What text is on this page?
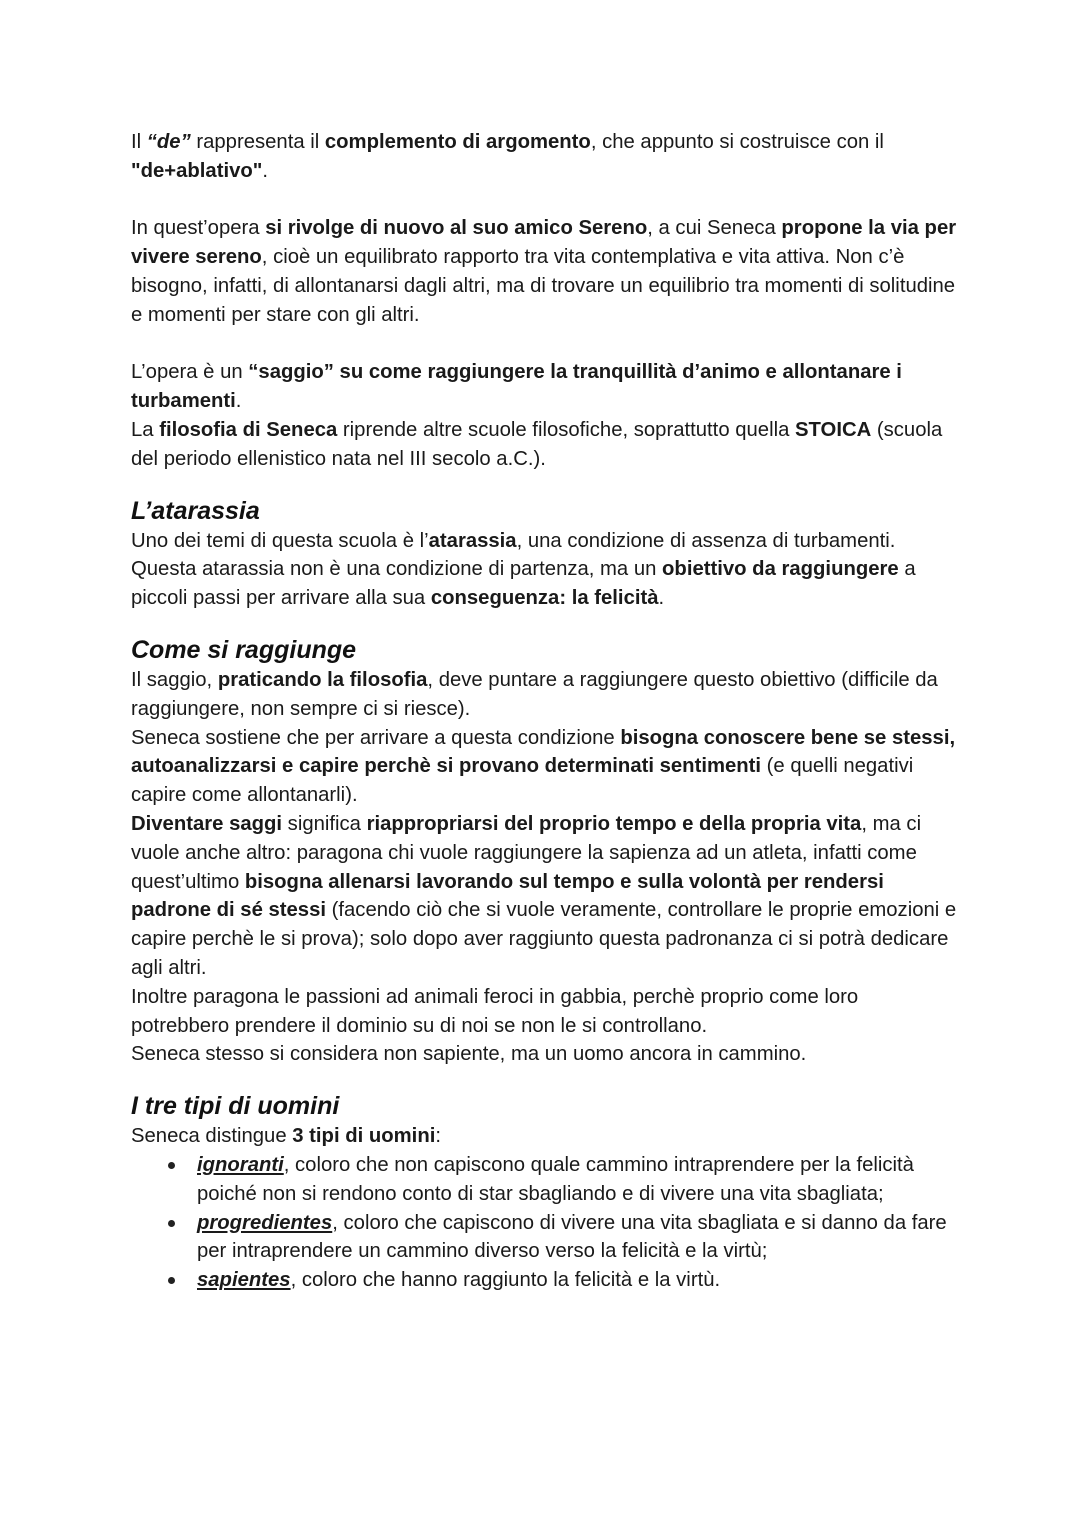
Il “de” rappresenta il complemento di argomento, che appunto si costruisce con il "de+ablativo".

In quest’opera si rivolge di nuovo al suo amico Sereno, a cui Seneca propone la via per vivere sereno, cioè un equilibrato rapporto tra vita contemplativa e vita attiva. Non c’è bisogno, infatti, di allontanarsi dagli altri, ma di trovare un equilibrio tra momenti di solitudine e momenti per stare con gli altri.

L’opera è un “saggio” su come raggiungere la tranquillità d’animo e allontanare i turbamenti.

La filosofia di Seneca riprende altre scuole filosofiche, soprattutto quella STOICA (scuola del periodo ellenistico nata nel III secolo a.C.).

L’atarassia

Uno dei temi di questa scuola è l’atarassia, una condizione di assenza di turbamenti. Questa atarassia non è una condizione di partenza, ma un obiettivo da raggiungere a piccoli passi per arrivare alla sua conseguenza: la felicità.

Come si raggiunge

Il saggio, praticando la filosofia, deve puntare a raggiungere questo obiettivo (difficile da raggiungere, non sempre ci si riesce).

Seneca sostiene che per arrivare a questa condizione bisogna conoscere bene se stessi, autoanalizzarsi e capire perchè si provano determinati sentimenti (e quelli negativi capire come allontanarli).

Diventare saggi significa riappropriarsi del proprio tempo e della propria vita, ma ci vuole anche altro: paragona chi vuole raggiungere la sapienza ad un atleta, infatti come quest’ultimo bisogna allenarsi lavorando sul tempo e sulla volontà per rendersi padrone di sé stessi (facendo ciò che si vuole veramente, controllare le proprie emozioni e capire perchè le si prova); solo dopo aver raggiunto questa padronanza ci si potrà dedicare agli altri.

Inoltre paragona le passioni ad animali feroci in gabbia, perchè proprio come loro potrebbero prendere il dominio su di noi se non le si controllano.

Seneca stesso si considera non sapiente, ma un uomo ancora in cammino.

I tre tipi di uomini

Seneca distingue 3 tipi di uomini:

ignoranti, coloro che non capiscono quale cammino intraprendere per la felicità poiché non si rendono conto di star sbagliando e di vivere una vita sbagliata;
progredientes, coloro che capiscono di vivere una vita sbagliata e si danno da fare per intraprendere un cammino diverso verso la felicità e la virtù;
sapientes, coloro che hanno raggiunto la felicità e la virtù.
